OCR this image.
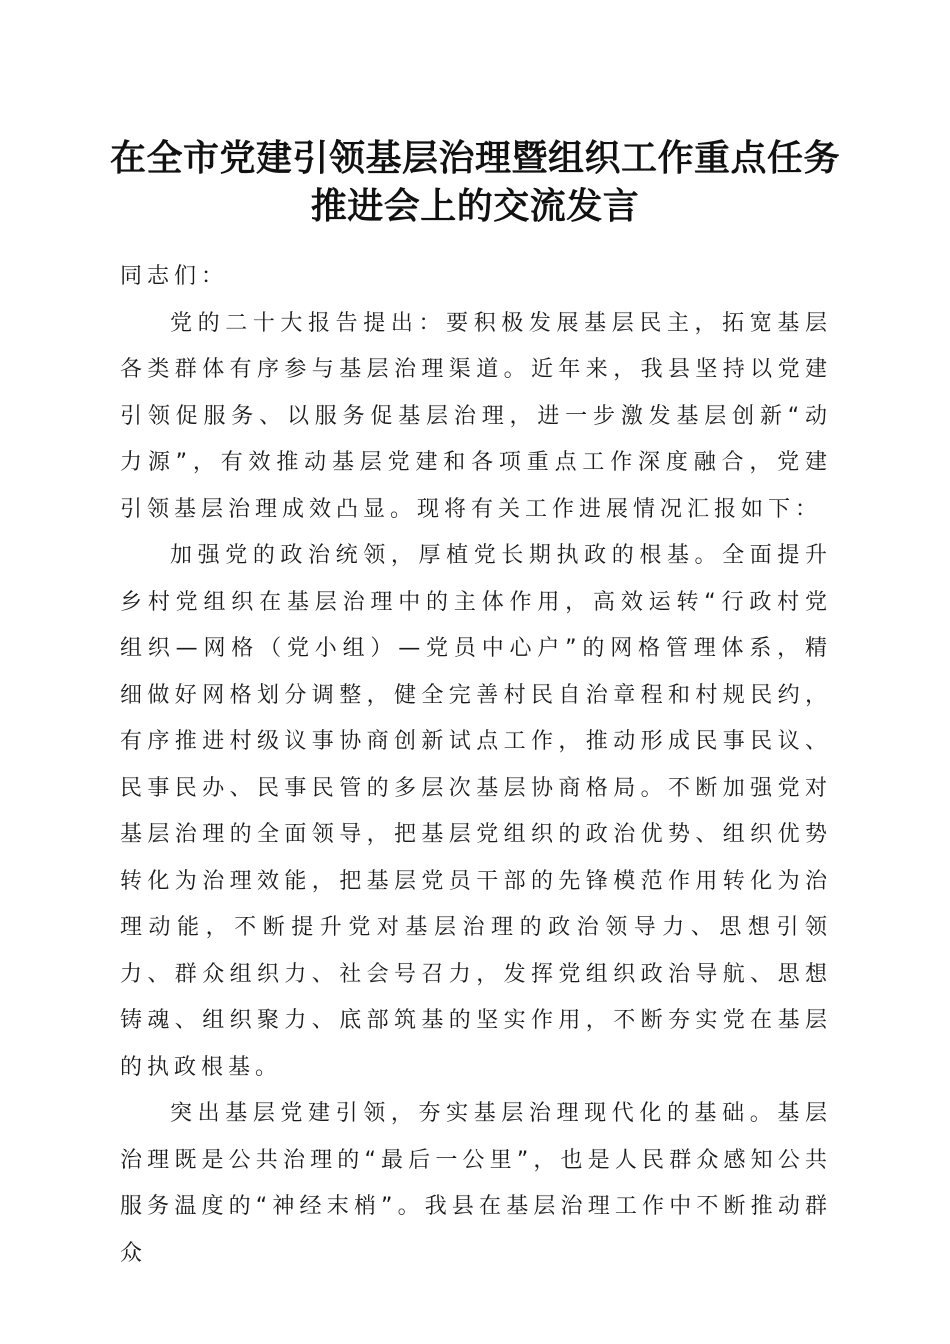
在全市党建引领基层治理暨组织工作重点任务
推进会上的交流发言

同志们：

党的二十大报告提出：要积极发展基层民主，拓宽基层各类群体有序参与基层治理渠道。近年来，我县坚持以党建引领促服务、以服务促基层治理，进一步激发基层创新“动力源”，有效推动基层党建和各项重点工作深度融合，党建引领基层治理成效凸显。现将有关工作进展情况汇报如下：

加强党的政治统领，厚植党长期执政的根基。全面提升乡村党组织在基层治理中的主体作用，高效运转“行政村党组织—网格（党小组）—党员中心户”的网格管理体系，精细做好网格划分调整，健全完善村民自治章程和村规民约，有序推进村级议事协商创新试点工作，推动形成民事民议、民事民办、民事民管的多层次基层协商格局。不断加强党对基层治理的全面领导，把基层党组织的政治优势、组织优势转化为治理效能，把基层党员干部的先锋模范作用转化为治理动能，不断提升党对基层治理的政治领导力、思想引领力、群众组织力、社会号召力，发挥党组织政治导航、思想铸魂、组织聚力、底部筑基的坚实作用，不断夯实党在基层的执政根基。

突出基层党建引领，夯实基层治理现代化的基础。基层治理既是公共治理的“最后一公里”，也是人民群众感知公共服务温度的“神经末梢”。我县在基层治理工作中不断推动群众
